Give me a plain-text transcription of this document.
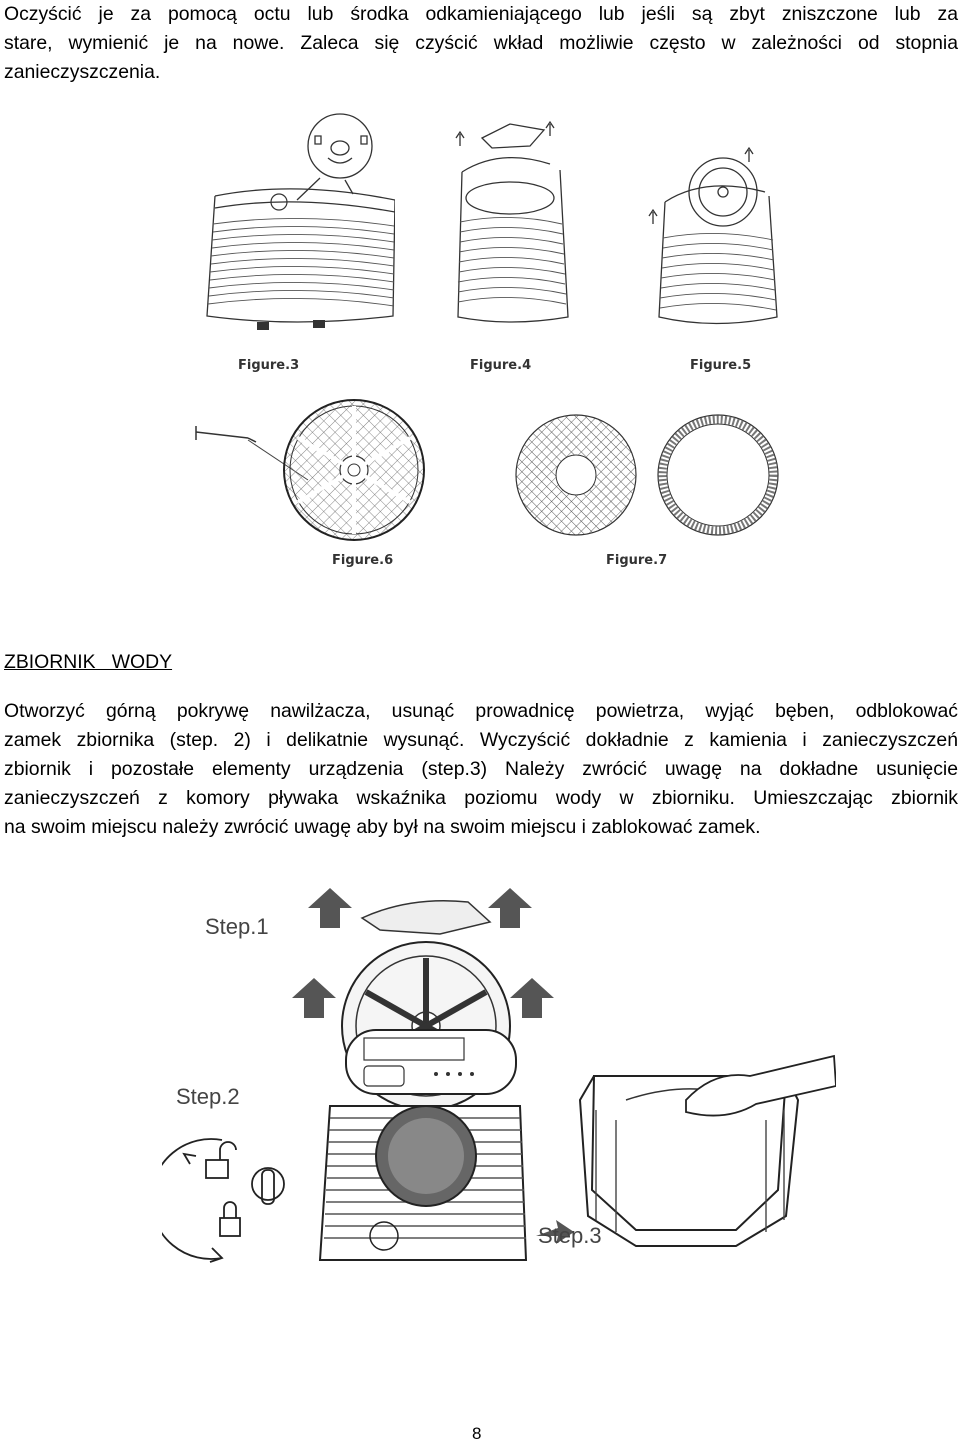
Oczyścić je za pomocą octu lub środka odkamieniającego lub jeśli są zbyt zniszczone lub za
stare, wymienić je na nowe. Zaleca się czyścić wkład możliwie często w zależności od stopnia
zanieczyszczenia.
Figure.3	Figure.4	Figure.5
Figure.6	Figure.7
ZBIORNIK   WODY
Otworzyć górną pokrywę nawilżacza, usunąć prowadnicę powietrza, wyjąć bęben, odblokować
zamek zbiornika (step. 2) i delikatnie wysunąć. Wyczyścić dokładnie z kamienia i zanieczyszczeń
zbiornik i pozostałe elementy urządzenia (step.3) Należy zwrócić uwagę na dokładne usunięcie
zanieczyszczeń z komory pływaka wskaźnika poziomu wody w zbiorniku. Umieszczając zbiornik
na swoim miejscu należy zwrócić uwagę aby był na swoim miejscu i zablokować zamek.
Step.1
Step.2
Step.3
8
